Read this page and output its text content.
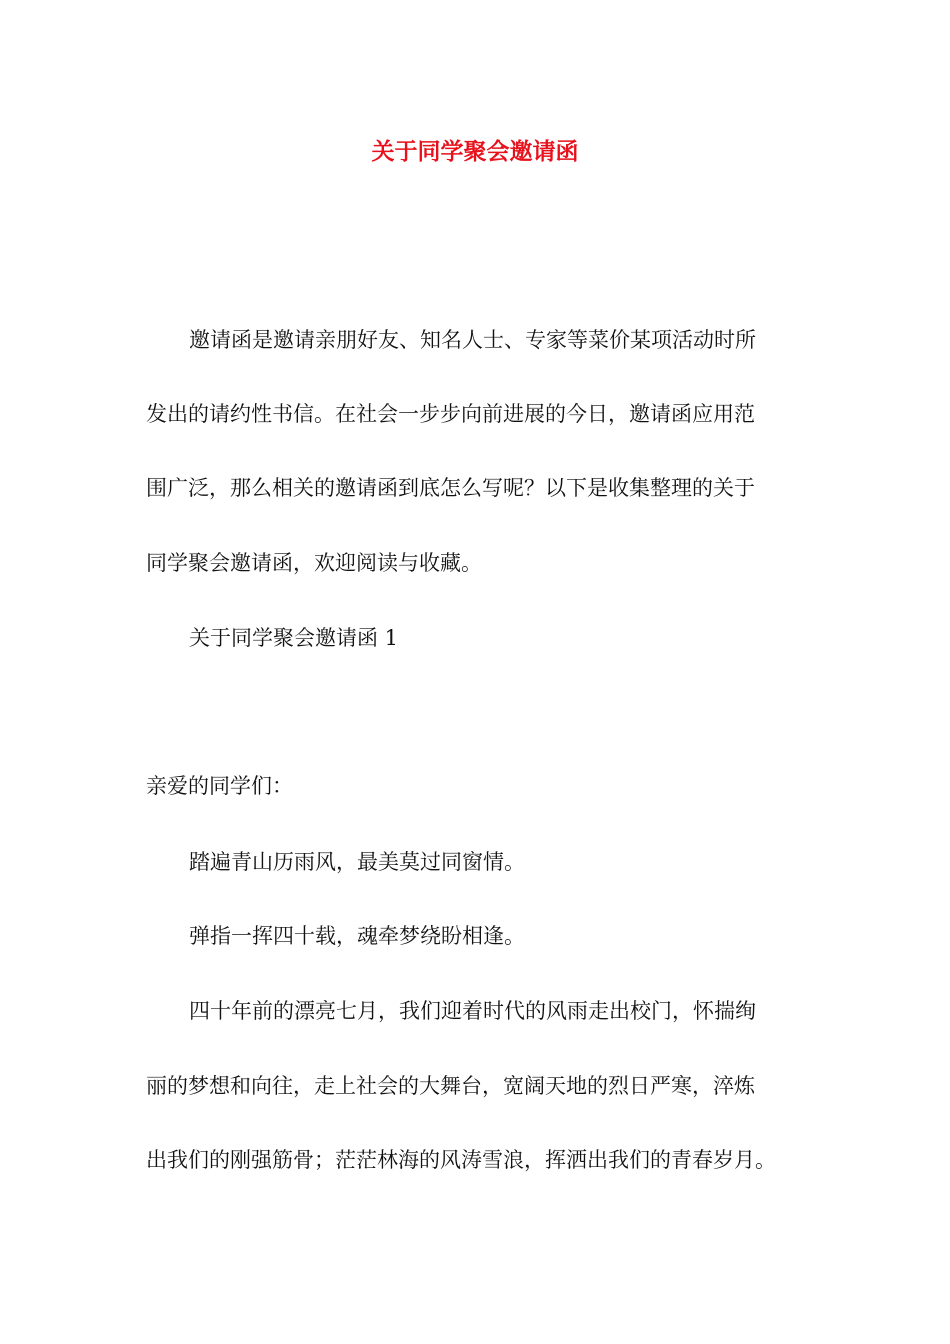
关于同学聚会邀请函
邀请函是邀请亲朋好友、知名人士、专家等菜价某项活动时所
发出的请约性书信。在社会一步步向前进展的今日，邀请函应用范
围广泛，那么相关的邀请函到底怎么写呢？以下是收集整理的关于
同学聚会邀请函，欢迎阅读与收藏。
关于同学聚会邀请函 1
亲爱的同学们：
踏遍青山历雨风，最美莫过同窗情。
弹指一挥四十载，魂牵梦绕盼相逢。
四十年前的漂亮七月，我们迎着时代的风雨走出校门，怀揣绚
丽的梦想和向往，走上社会的大舞台，宽阔天地的烈日严寒，淬炼
出我们的刚强筋骨；茫茫林海的风涛雪浪，挥洒出我们的青春岁月。
